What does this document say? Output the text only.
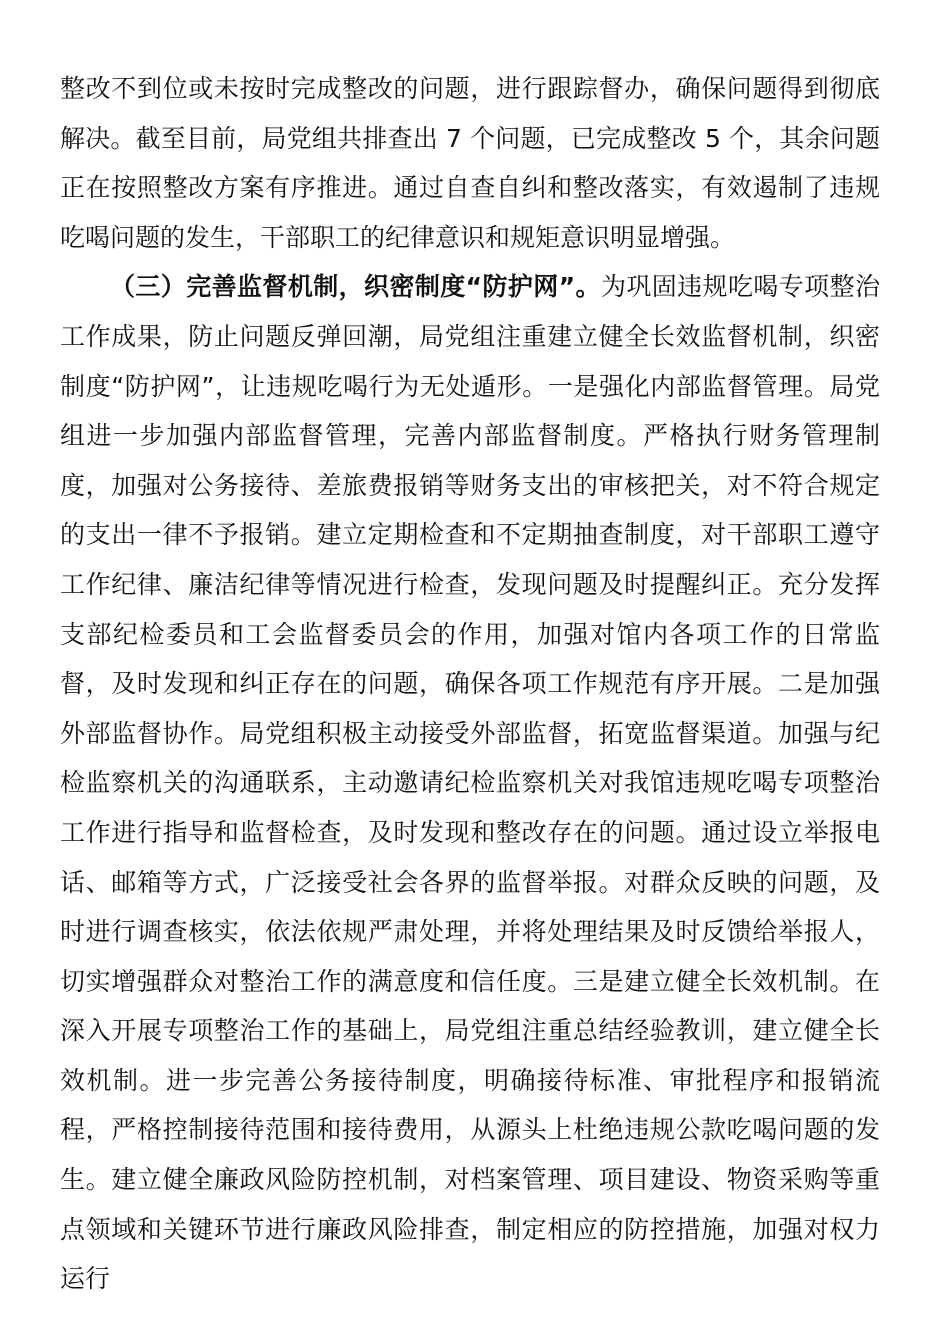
整改不到位或未按时完成整改的问题，进行跟踪督办，确保问题得到彻底解决。截至目前，局党组共排查出 7 个问题，已完成整改 5 个，其余问题正在按照整改方案有序推进。通过自查自纠和整改落实，有效遏制了违规吃喝问题的发生，干部职工的纪律意识和规矩意识明显增强。

（三）完善监督机制，织密制度“防护网”。为巩固违规吃喝专项整治工作成果，防止问题反弹回潮，局党组注重建立健全长效监督机制，织密制度“防护网”，让违规吃喝行为无处遁形。一是强化内部监督管理。局党组进一步加强内部监督管理，完善内部监督制度。严格执行财务管理制度，加强对公务接待、差旅费报销等财务支出的审核把关，对不符合规定的支出一律不予报销。建立定期检查和不定期抽查制度，对干部职工遵守工作纪律、廉洁纪律等情况进行检查，发现问题及时提醒纠正。充分发挥支部纪检委员和工会监督委员会的作用，加强对馆内各项工作的日常监督，及时发现和纠正存在的问题，确保各项工作规范有序开展。二是加强外部监督协作。局党组积极主动接受外部监督，拓宽监督渠道。加强与纪检监察机关的沟通联系，主动邀请纪检监察机关对我馆违规吃喝专项整治工作进行指导和监督检查，及时发现和整改存在的问题。通过设立举报电话、邮箱等方式，广泛接受社会各界的监督举报。对群众反映的问题，及时进行调查核实，依法依规严肃处理，并将处理结果及时反馈给举报人，切实增强群众对整治工作的满意度和信任度。三是建立健全长效机制。在深入开展专项整治工作的基础上，局党组注重总结经验教训，建立健全长效机制。进一步完善公务接待制度，明确接待标准、审批程序和报销流程，严格控制接待范围和接待费用，从源头上杜绝违规公款吃喝问题的发生。建立健全廉政风险防控机制，对档案管理、项目建设、物资采购等重点领域和关键环节进行廉政风险排查，制定相应的防控措施，加强对权力运行
